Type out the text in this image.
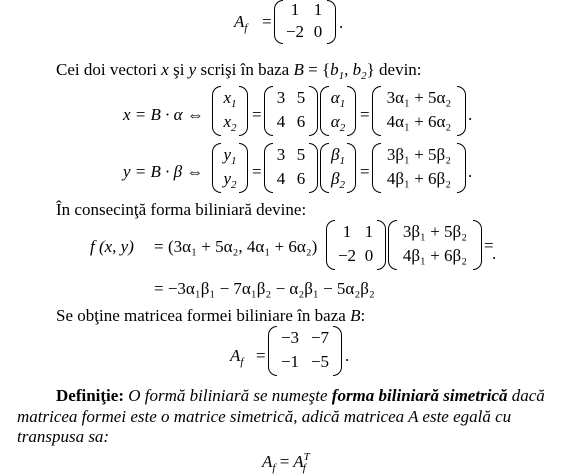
$A_f$ =
1 1
−2 0 .
Cei doi vectori x şi y scrişi în baza $B = \{b_1$, $b_2$} devin:
x = B · α ⇔
$x_1$
$x_2$
=
3 5
4 6
$\alpha_1$
$\alpha_2$
=
3α₁ + 5α₂
4α₁ + 6α₂ .
y = B · β ⇔
$y_1$
$y_2$
=
3 5
4 6
$\beta_1$
$\beta_2$
=
3β₁ + 5β₂
4β₁ + 6β₂ .
În consecinţă forma biliniară devine:
f (x, y) = (3α₁ + 5α₂, 4α₁ + 6α₂)
1 1
−2 0
3β₁ + 5β₂
4β₁ + 6β₂
=
.
= −3α₁β₁ − 7α₁β₂ − α₂β₁ − 5α₂β₂
Se obţine matricea formei biliniare în baza B:
$A_f$ =
−3 −7
−1 −5 .
Definiţie: O formă biliniară se numeşte forma biliniară simetrică dacă
matricea formei este o matrice simetrică, adică matricea A este egală cu
transpusa sa:
$A_f = A^T_f$
